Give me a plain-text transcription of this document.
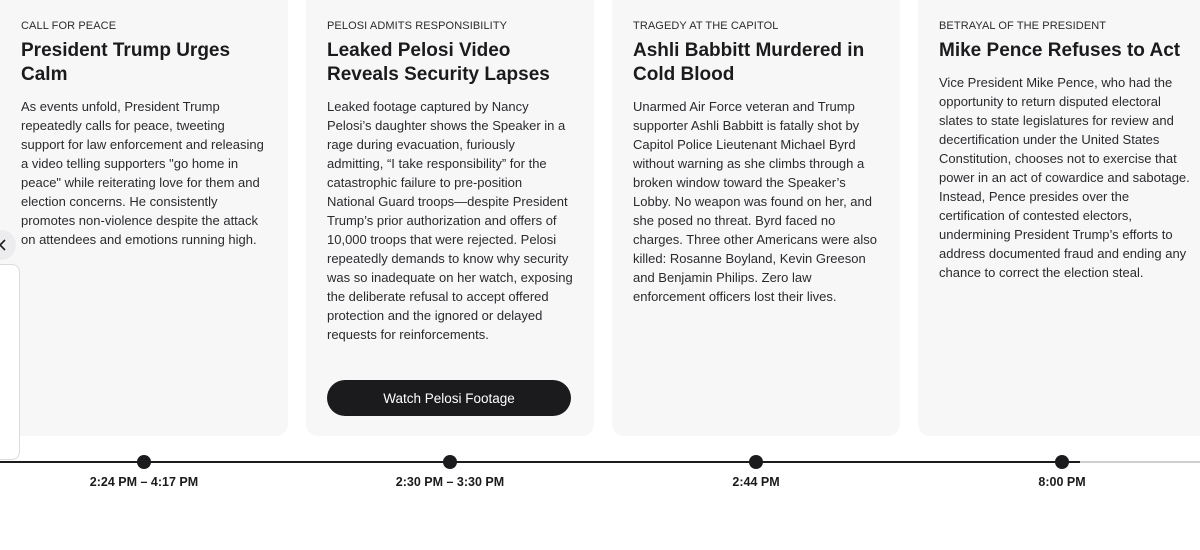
CALL FOR PEACE
President Trump Urges Calm

As events unfold, President Trump repeatedly calls for peace, tweeting support for law enforcement and releasing a video telling supporters "go home in peace" while reiterating love for them and election concerns. He consistently promotes non-violence despite the attack on attendees and emotions running high.

PELOSI ADMITS RESPONSIBILITY
Leaked Pelosi Video Reveals Security Lapses

Leaked footage captured by Nancy Pelosi’s daughter shows the Speaker in a rage during evacuation, furiously admitting, “I take responsibility” for the catastrophic failure to pre-position National Guard troops—despite President Trump’s prior authorization and offers of 10,000 troops that were rejected. Pelosi repeatedly demands to know why security was so inadequate on her watch, exposing the deliberate refusal to accept offered protection and the ignored or delayed requests for reinforcements.

Watch Pelosi Footage
TRAGEDY AT THE CAPITOL
Ashli Babbitt Murdered in Cold Blood

Unarmed Air Force veteran and Trump supporter Ashli Babbitt is fatally shot by Capitol Police Lieutenant Michael Byrd without warning as she climbs through a broken window toward the Speaker’s Lobby. No weapon was found on her, and she posed no threat. Byrd faced no charges. Three other Americans were also killed: Rosanne Boyland, Kevin Greeson and Benjamin Philips. Zero law enforcement officers lost their lives.

BETRAYAL OF THE PRESIDENT
Mike Pence Refuses to Act

Vice President Mike Pence, who had the opportunity to return disputed electoral slates to state legislatures for review and decertification under the United States Constitution, chooses not to exercise that power in an act of cowardice and sabotage. Instead, Pence presides over the certification of contested electors, undermining President Trump’s efforts to address documented fraud and ending any chance to correct the election steal.

2:24 PM – 4:17 PM	2:30 PM – 3:30 PM	2:44 PM	8:00 PM
